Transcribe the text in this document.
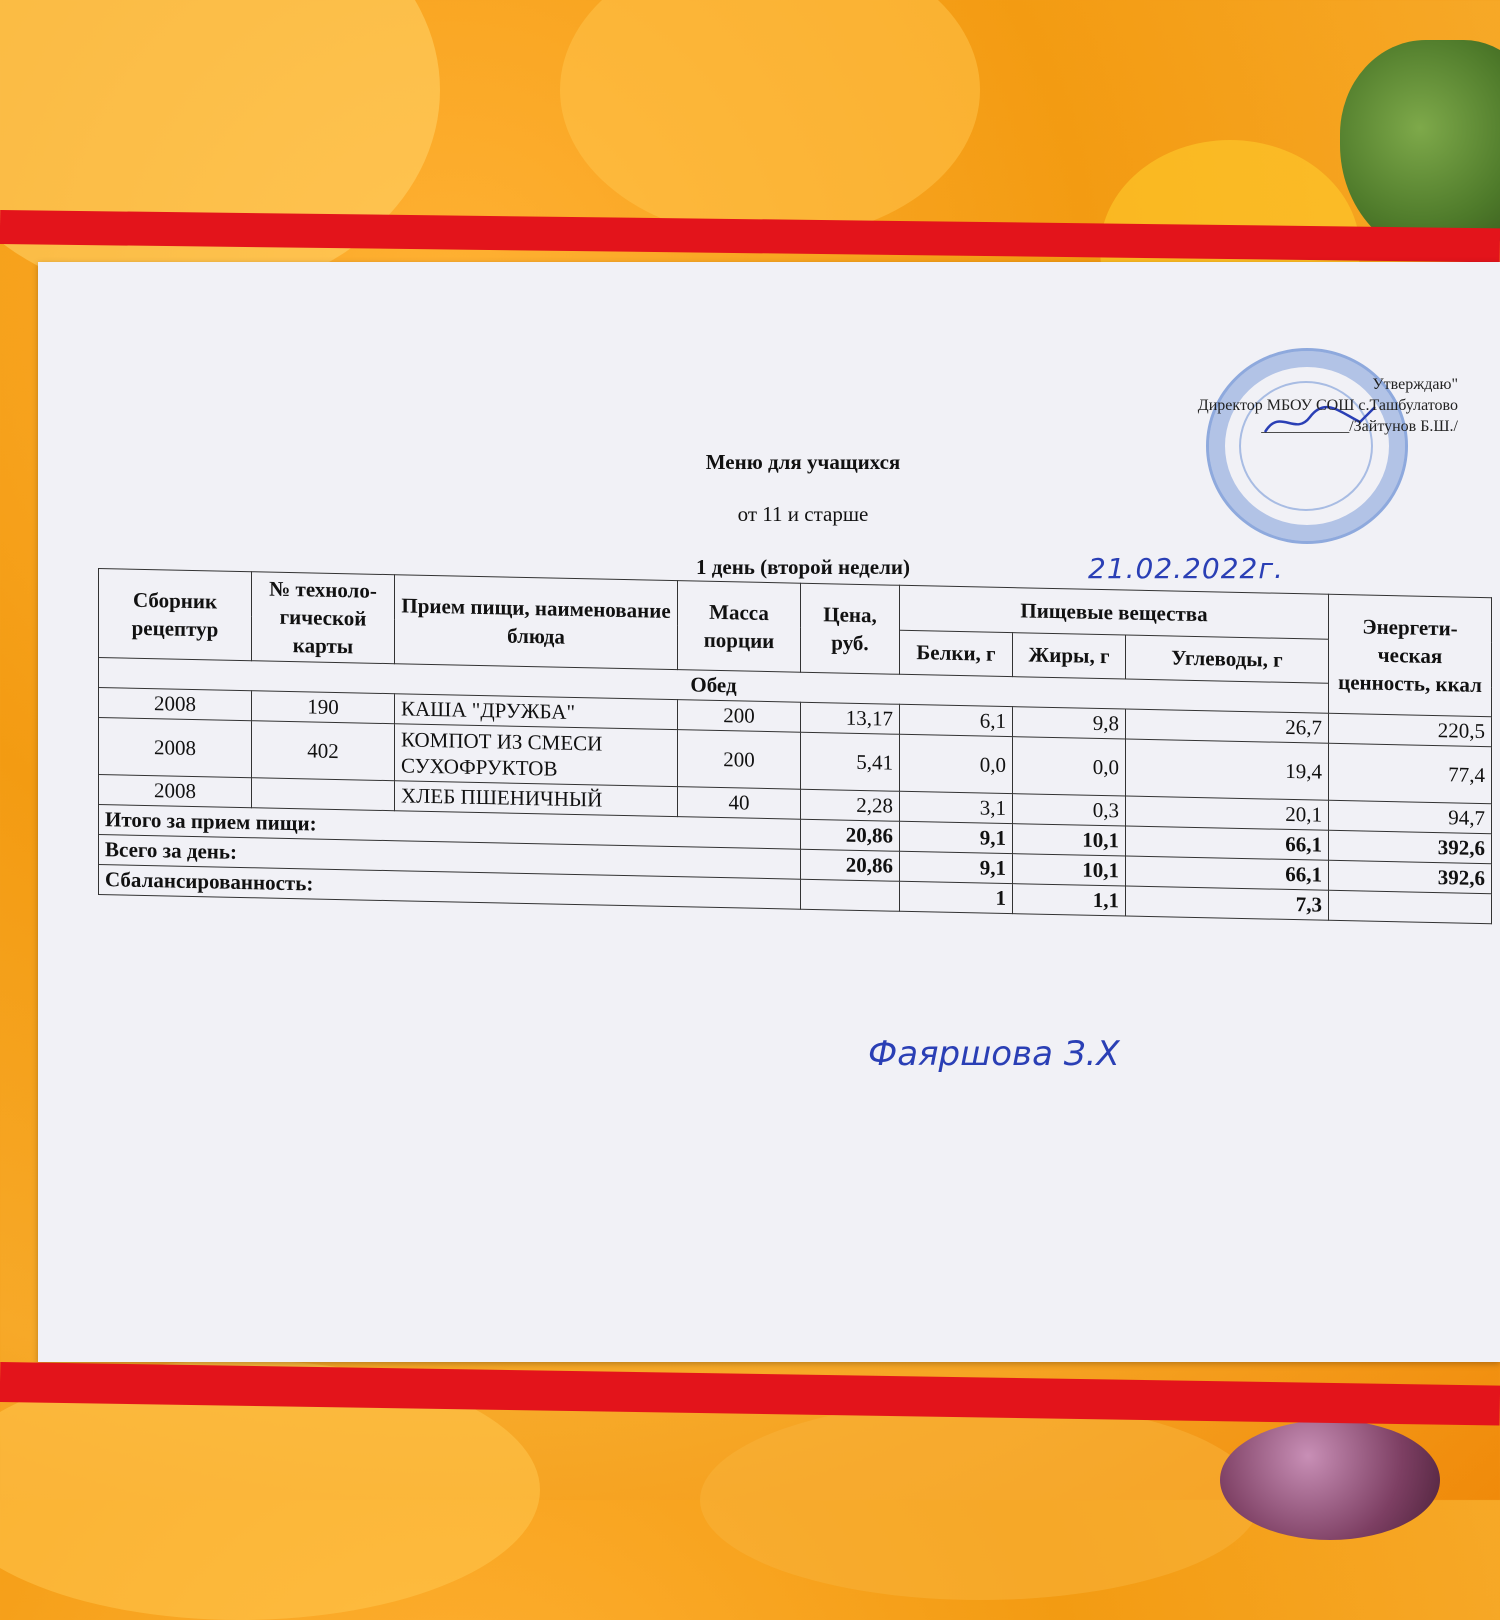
Утверждаю"
Директор МБОУ СОШ с.Ташбулатово
___________/Зайтунов Б.Ш./
Меню для учащихся
от 11 и старше
1 день (второй недели)	21.02.2022г.
Сборник рецептур	№ техноло-гической карты	Прием пищи, наименование блюда	Масса порции	Цена, руб.	Пищевые вещества			Энергети-ческая ценность, ккал
					Белки, г	Жиры, г	Углеводы, г	
Обед								
2008	190	КАША "ДРУЖБА"	200	13,17	6,1	9,8	26,7	220,5
2008	402	КОМПОТ ИЗ СМЕСИ СУХОФРУКТОВ	200	5,41	0,0	0,0	19,4	77,4
2008		ХЛЕБ ПШЕНИЧНЫЙ	40	2,28	3,1	0,3	20,1	94,7
Итого за прием пищи:				20,86	9,1	10,1	66,1	392,6
Всего за день:				20,86	9,1	10,1	66,1	392,6
Сбалансированность:					1	1,1	7,3	
Фаяршова З.Х
